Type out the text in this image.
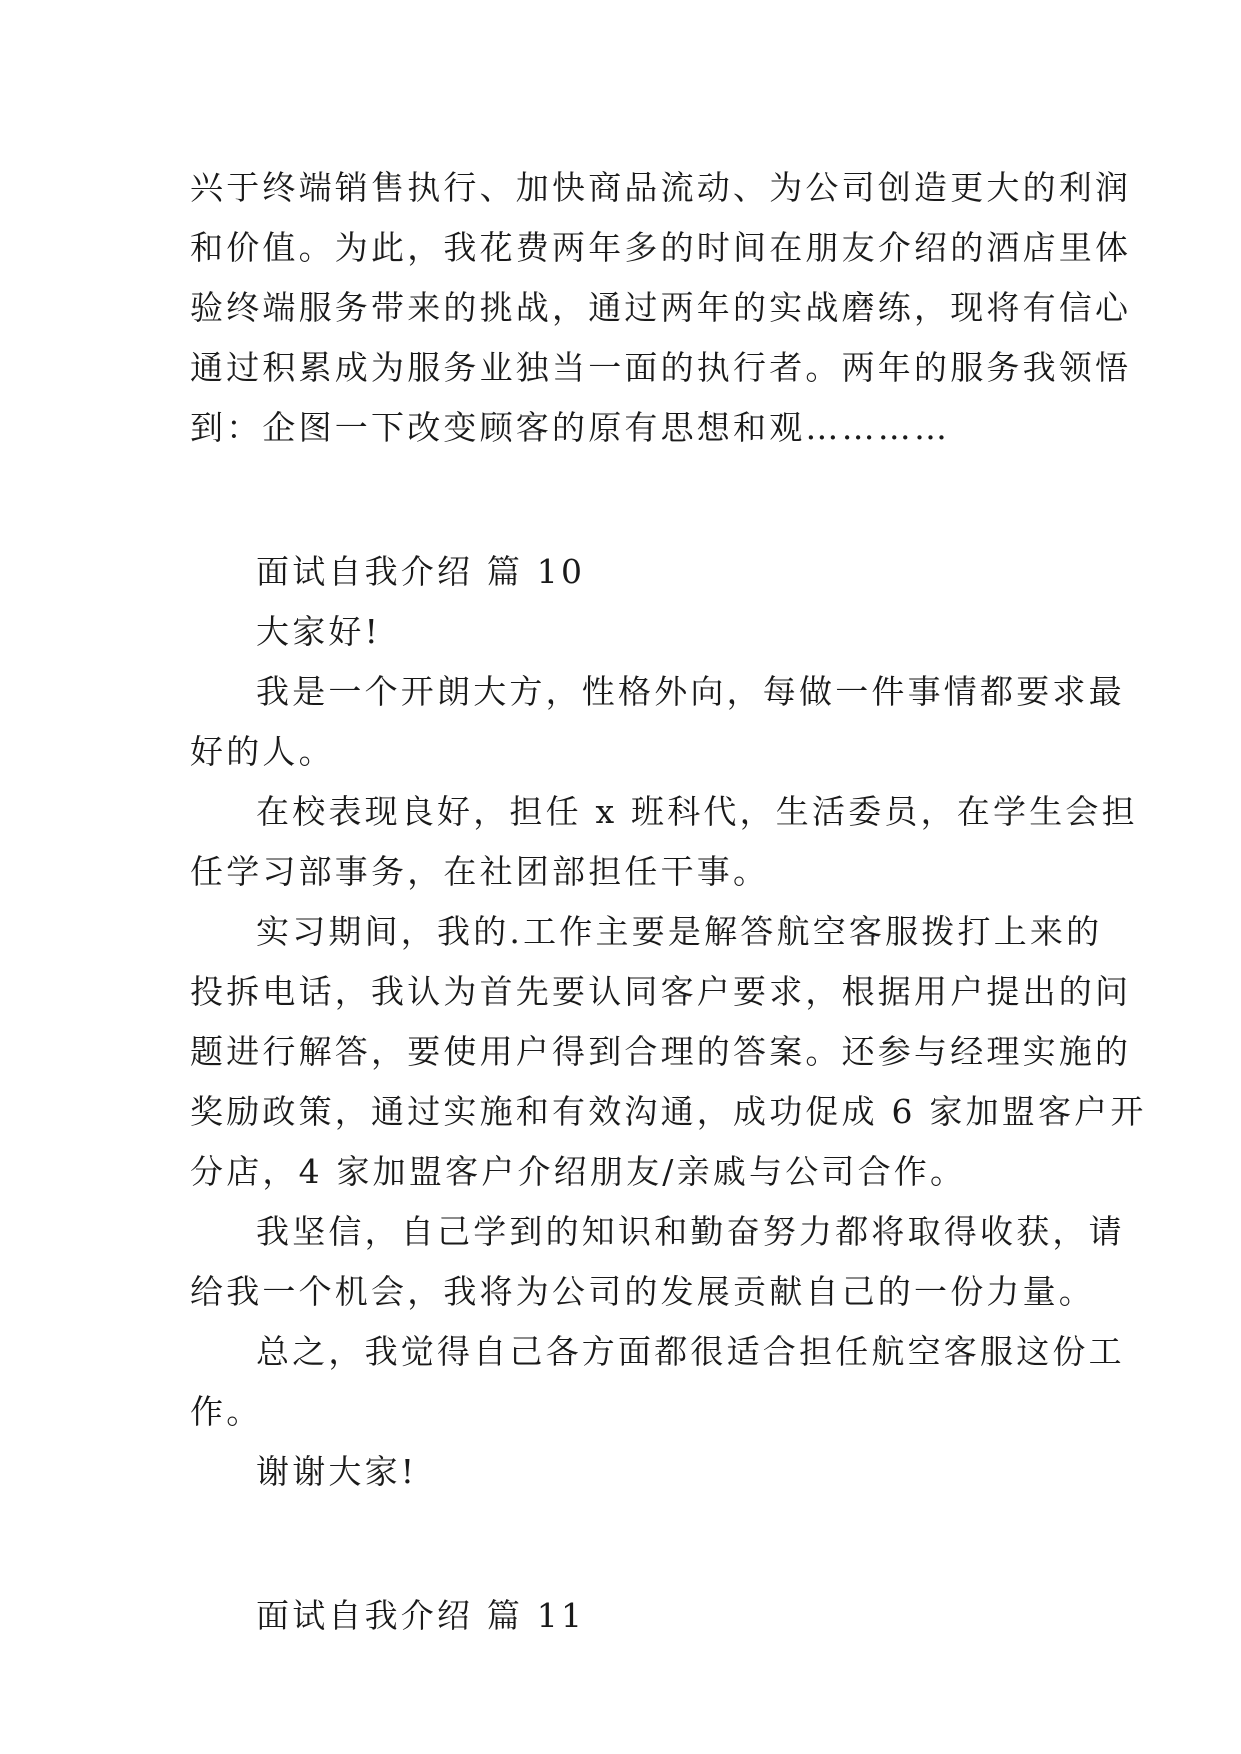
兴于终端销售执行、加快商品流动、为公司创造更大的利润

和价值。为此，我花费两年多的时间在朋友介绍的酒店里体

验终端服务带来的挑战，通过两年的实战磨练，现将有信心

通过积累成为服务业独当一面的执行者。两年的服务我领悟

到：企图一下改变顾客的原有思想和观…………

面试自我介绍 篇 10

大家好!

我是一个开朗大方，性格外向，每做一件事情都要求最

好的人。

在校表现良好，担任 x 班科代，生活委员，在学生会担

任学习部事务，在社团部担任干事。

实习期间，我的.工作主要是解答航空客服拨打上来的

投拆电话，我认为首先要认同客户要求，根据用户提出的问

题进行解答，要使用户得到合理的答案。还参与经理实施的

奖励政策，通过实施和有效沟通，成功促成 6 家加盟客户开

分店，4 家加盟客户介绍朋友/亲戚与公司合作。

我坚信，自己学到的知识和勤奋努力都将取得收获，请

给我一个机会，我将为公司的发展贡献自己的一份力量。

总之，我觉得自己各方面都很适合担任航空客服这份工

作。

谢谢大家!

面试自我介绍 篇 11
